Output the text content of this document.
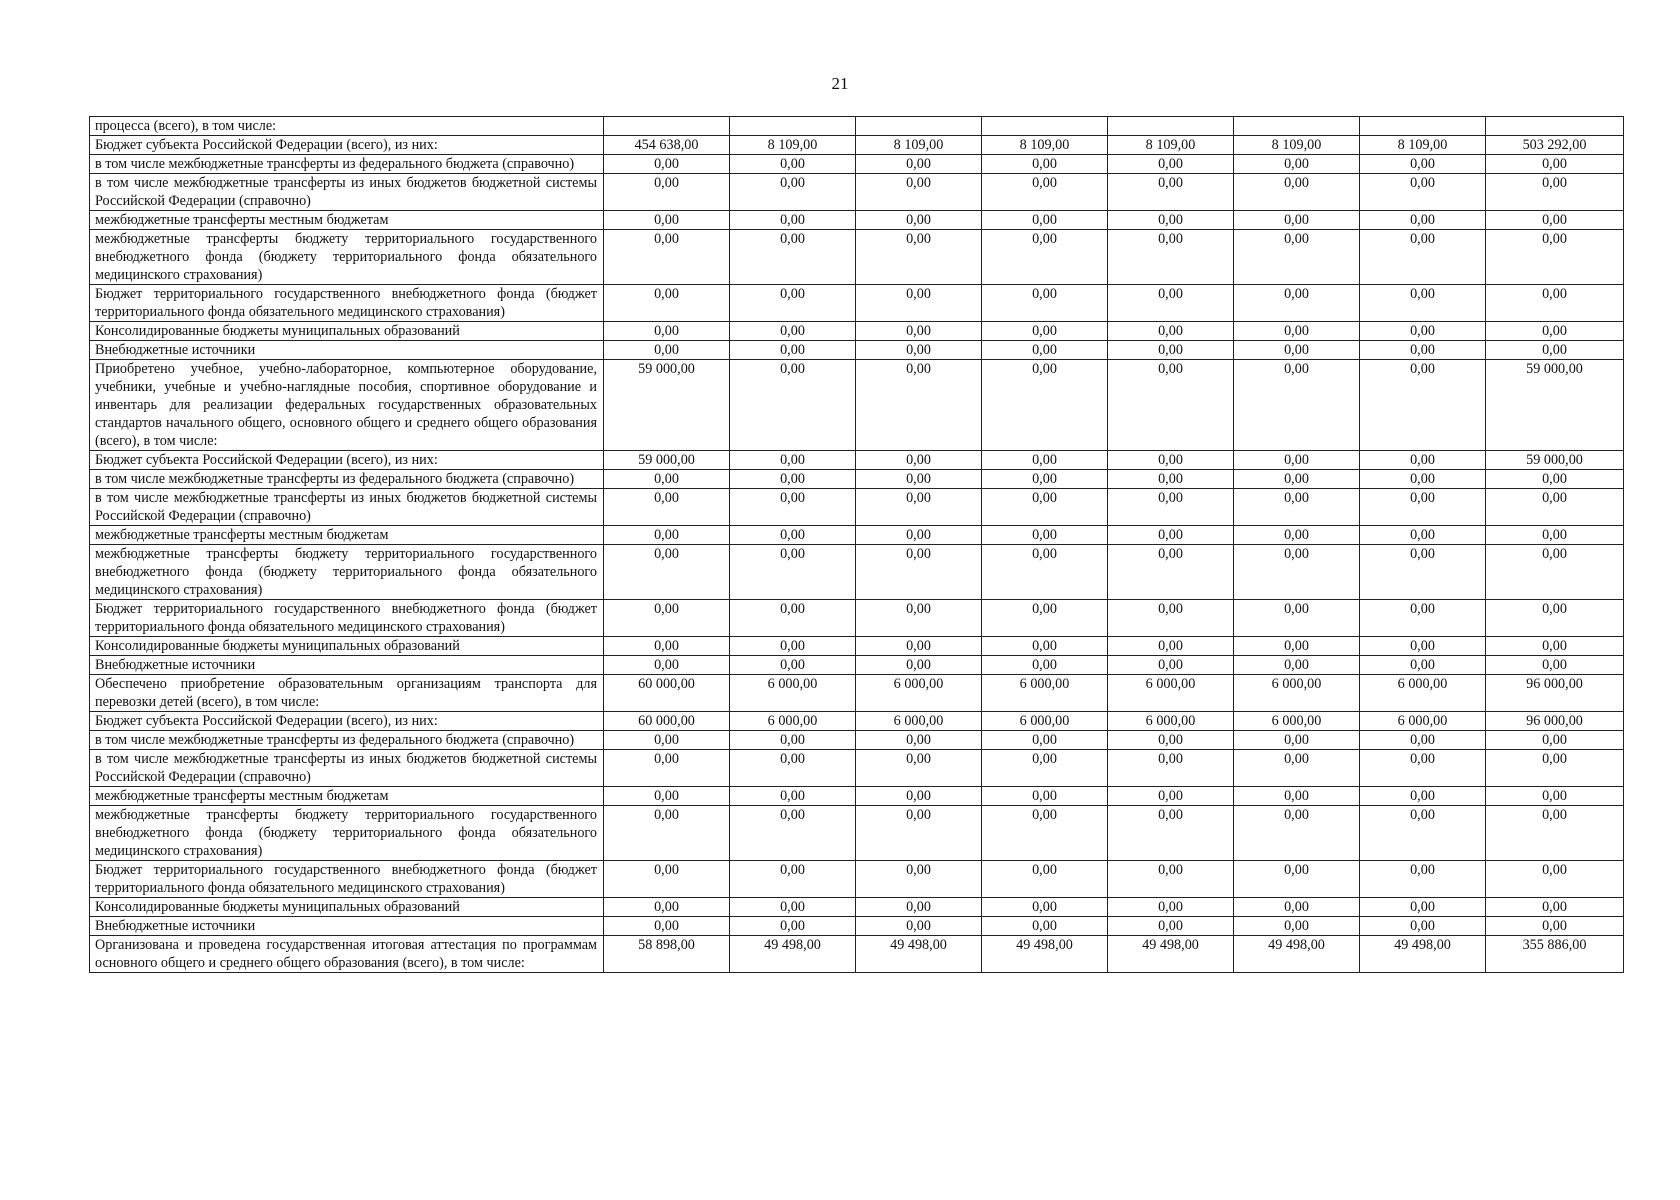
21
процесса (всего), в том числе:								
Бюджет субъекта Российской Федерации (всего), из них:	454 638,00	8 109,00	8 109,00	8 109,00	8 109,00	8 109,00	8 109,00	503 292,00
в том числе межбюджетные трансферты из федерального бюджета (справочно)	0,00	0,00	0,00	0,00	0,00	0,00	0,00	0,00
в том числе межбюджетные трансферты из иных бюджетов бюджетной системы Российской Федерации (справочно)	0,00	0,00	0,00	0,00	0,00	0,00	0,00	0,00
межбюджетные трансферты местным бюджетам	0,00	0,00	0,00	0,00	0,00	0,00	0,00	0,00
межбюджетные трансферты бюджету территориального государственного внебюджетного фонда (бюджету территориального фонда обязательного медицинского страхования)	0,00	0,00	0,00	0,00	0,00	0,00	0,00	0,00
Бюджет территориального государственного внебюджетного фонда (бюджет территориального фонда обязательного медицинского страхования)	0,00	0,00	0,00	0,00	0,00	0,00	0,00	0,00
Консолидированные бюджеты муниципальных образований	0,00	0,00	0,00	0,00	0,00	0,00	0,00	0,00
Внебюджетные источники	0,00	0,00	0,00	0,00	0,00	0,00	0,00	0,00
Приобретено учебное, учебно-лабораторное, компьютерное оборудование, учебники, учебные и учебно-наглядные пособия, спортивное оборудование и инвентарь для реализации федеральных государственных образовательных стандартов начального общего, основного общего и среднего общего образования (всего), в том числе:	59 000,00	0,00	0,00	0,00	0,00	0,00	0,00	59 000,00
Бюджет субъекта Российской Федерации (всего), из них:	59 000,00	0,00	0,00	0,00	0,00	0,00	0,00	59 000,00
в том числе межбюджетные трансферты из федерального бюджета (справочно)	0,00	0,00	0,00	0,00	0,00	0,00	0,00	0,00
в том числе межбюджетные трансферты из иных бюджетов бюджетной системы Российской Федерации (справочно)	0,00	0,00	0,00	0,00	0,00	0,00	0,00	0,00
межбюджетные трансферты местным бюджетам	0,00	0,00	0,00	0,00	0,00	0,00	0,00	0,00
межбюджетные трансферты бюджету территориального государственного внебюджетного фонда (бюджету территориального фонда обязательного медицинского страхования)	0,00	0,00	0,00	0,00	0,00	0,00	0,00	0,00
Бюджет территориального государственного внебюджетного фонда (бюджет территориального фонда обязательного медицинского страхования)	0,00	0,00	0,00	0,00	0,00	0,00	0,00	0,00
Консолидированные бюджеты муниципальных образований	0,00	0,00	0,00	0,00	0,00	0,00	0,00	0,00
Внебюджетные источники	0,00	0,00	0,00	0,00	0,00	0,00	0,00	0,00
Обеспечено приобретение образовательным организациям транспорта для перевозки детей (всего), в том числе:	60 000,00	6 000,00	6 000,00	6 000,00	6 000,00	6 000,00	6 000,00	96 000,00
Бюджет субъекта Российской Федерации (всего), из них:	60 000,00	6 000,00	6 000,00	6 000,00	6 000,00	6 000,00	6 000,00	96 000,00
в том числе межбюджетные трансферты из федерального бюджета (справочно)	0,00	0,00	0,00	0,00	0,00	0,00	0,00	0,00
в том числе межбюджетные трансферты из иных бюджетов бюджетной системы Российской Федерации (справочно)	0,00	0,00	0,00	0,00	0,00	0,00	0,00	0,00
межбюджетные трансферты местным бюджетам	0,00	0,00	0,00	0,00	0,00	0,00	0,00	0,00
межбюджетные трансферты бюджету территориального государственного внебюджетного фонда (бюджету территориального фонда обязательного медицинского страхования)	0,00	0,00	0,00	0,00	0,00	0,00	0,00	0,00
Бюджет территориального государственного внебюджетного фонда (бюджет территориального фонда обязательного медицинского страхования)	0,00	0,00	0,00	0,00	0,00	0,00	0,00	0,00
Консолидированные бюджеты муниципальных образований	0,00	0,00	0,00	0,00	0,00	0,00	0,00	0,00
Внебюджетные источники	0,00	0,00	0,00	0,00	0,00	0,00	0,00	0,00
Организована и проведена государственная итоговая аттестация по программам основного общего и среднего общего образования (всего), в том числе:	58 898,00	49 498,00	49 498,00	49 498,00	49 498,00	49 498,00	49 498,00	355 886,00
